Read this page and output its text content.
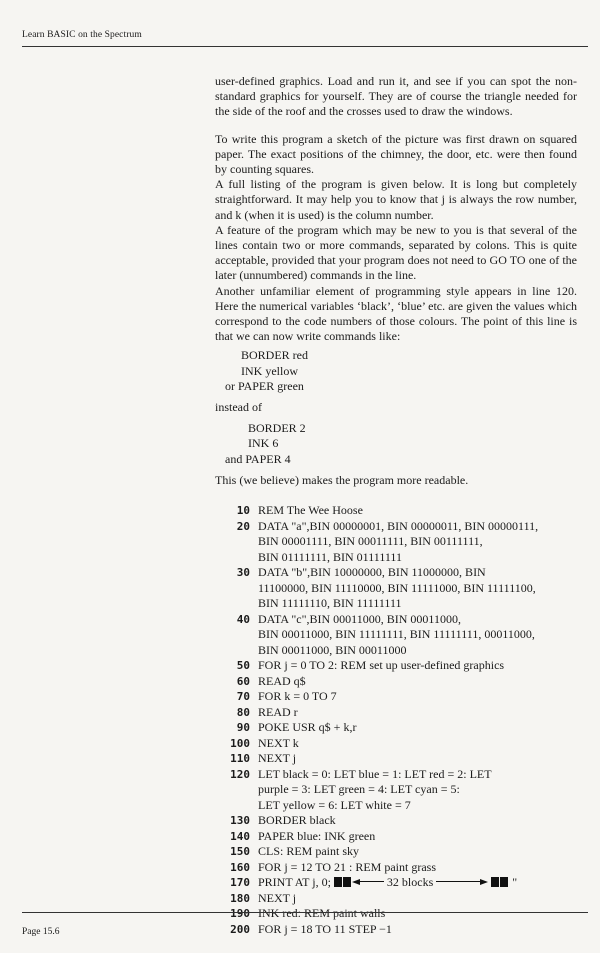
Learn BASIC on the Spectrum

user-defined graphics. Load and run it, and see if you can spot the non-standard graphics for yourself. They are of course the triangle needed for the side of the roof and the crosses used to draw the windows.

To write this program a sketch of the picture was first drawn on squared paper. The exact positions of the chimney, the door, etc. were then found by counting squares.

A full listing of the program is given below. It is long but completely straightforward. It may help you to know that j is always the row number, and k (when it is used) is the column number.

A feature of the program which may be new to you is that several of the lines contain two or more commands, separated by colons. This is quite acceptable, provided that your program does not need to GO TO one of the later (unnumbered) commands in the line.

Another unfamiliar element of programming style appears in line 120. Here the numerical variables ‘black’, ‘blue’ etc. are given the values which correspond to the code numbers of those colours. The point of this line is that we can now write commands like:

BORDER red
INK yellow
or PAPER green

instead of

BORDER 2
INK 6
and PAPER 4

This (we believe) makes the program more readable.

10 REM The Wee Hoose
20 DATA "a",BIN 00000001, BIN 00000011, BIN 00000111,
BIN 00001111, BIN 00011111, BIN 00111111,
BIN 01111111, BIN 01111111
30 DATA "b",BIN 10000000, BIN 11000000, BIN
11100000, BIN 11110000, BIN 11111000, BIN 11111100,
BIN 11111110, BIN 11111111
40 DATA "c",BIN 00011000, BIN 00011000,
BIN 00011000, BIN 11111111, BIN 11111111, 00011000,
BIN 00011000, BIN 00011000
50 FOR j = 0 TO 2: REM set up user-defined graphics
60 READ q$
70 FOR k = 0 TO 7
80 READ r
90 POKE USR q$ + k,r
100 NEXT k
110 NEXT j
120 LET black = 0: LET blue = 1: LET red = 2: LET
purple = 3: LET green = 4: LET cyan = 5:
LET yellow = 6: LET white = 7
130 BORDER black
140 PAPER blue: INK green
150 CLS: REM paint sky
160 FOR j = 12 TO 21 : REM paint grass
170 PRINT AT j, 0;	32 blocks	"
180 NEXT j
190 INK red: REM paint walls
200 FOR j = 18 TO 11 STEP −1
Page 15.6
